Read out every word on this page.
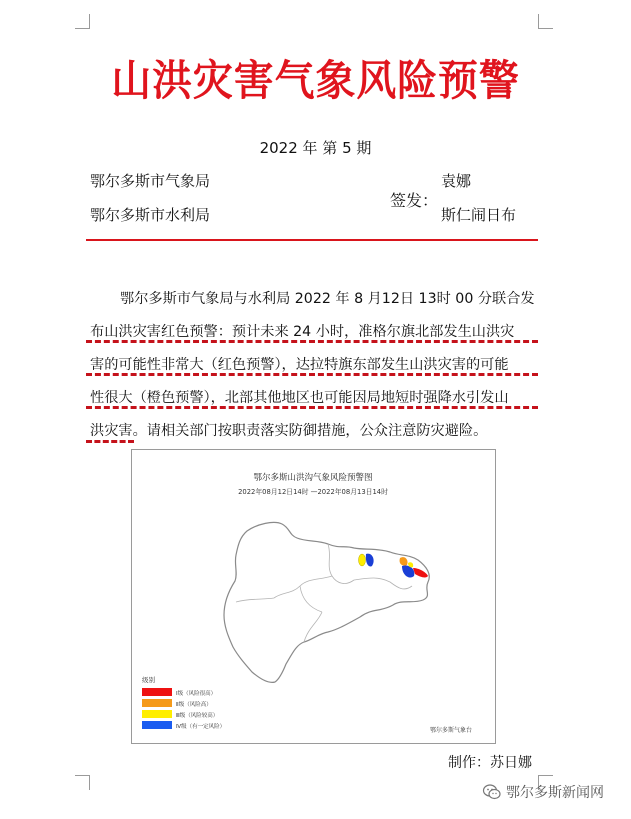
山洪灾害气象风险预警
2022 年 第 5 期
鄂尔多斯市气象局
鄂尔多斯市水利局
签发：
袁娜
斯仁闹日布
鄂尔多斯市气象局与水利局 2022 年 8 月12日 13时 00 分联合发
布山洪灾害红色预警：预计未来 24 小时，准格尔旗北部发生山洪灾
害的可能性非常大（红色预警），达拉特旗东部发生山洪灾害的可能
性很大（橙色预警），北部其他地区也可能因局地短时强降水引发山
洪灾害。请相关部门按职责落实防御措施，公众注意防灾避险。
鄂尔多斯山洪沟气象风险预警图
2022年08月12日14时 —2022年08月13日14时
级别
Ⅰ级（风险很高）
Ⅱ级（风险高）
Ⅲ级（风险较高）
Ⅳ级（有一定风险）	鄂尔多斯气象台
制作：苏日娜
鄂尔多斯新闻网
